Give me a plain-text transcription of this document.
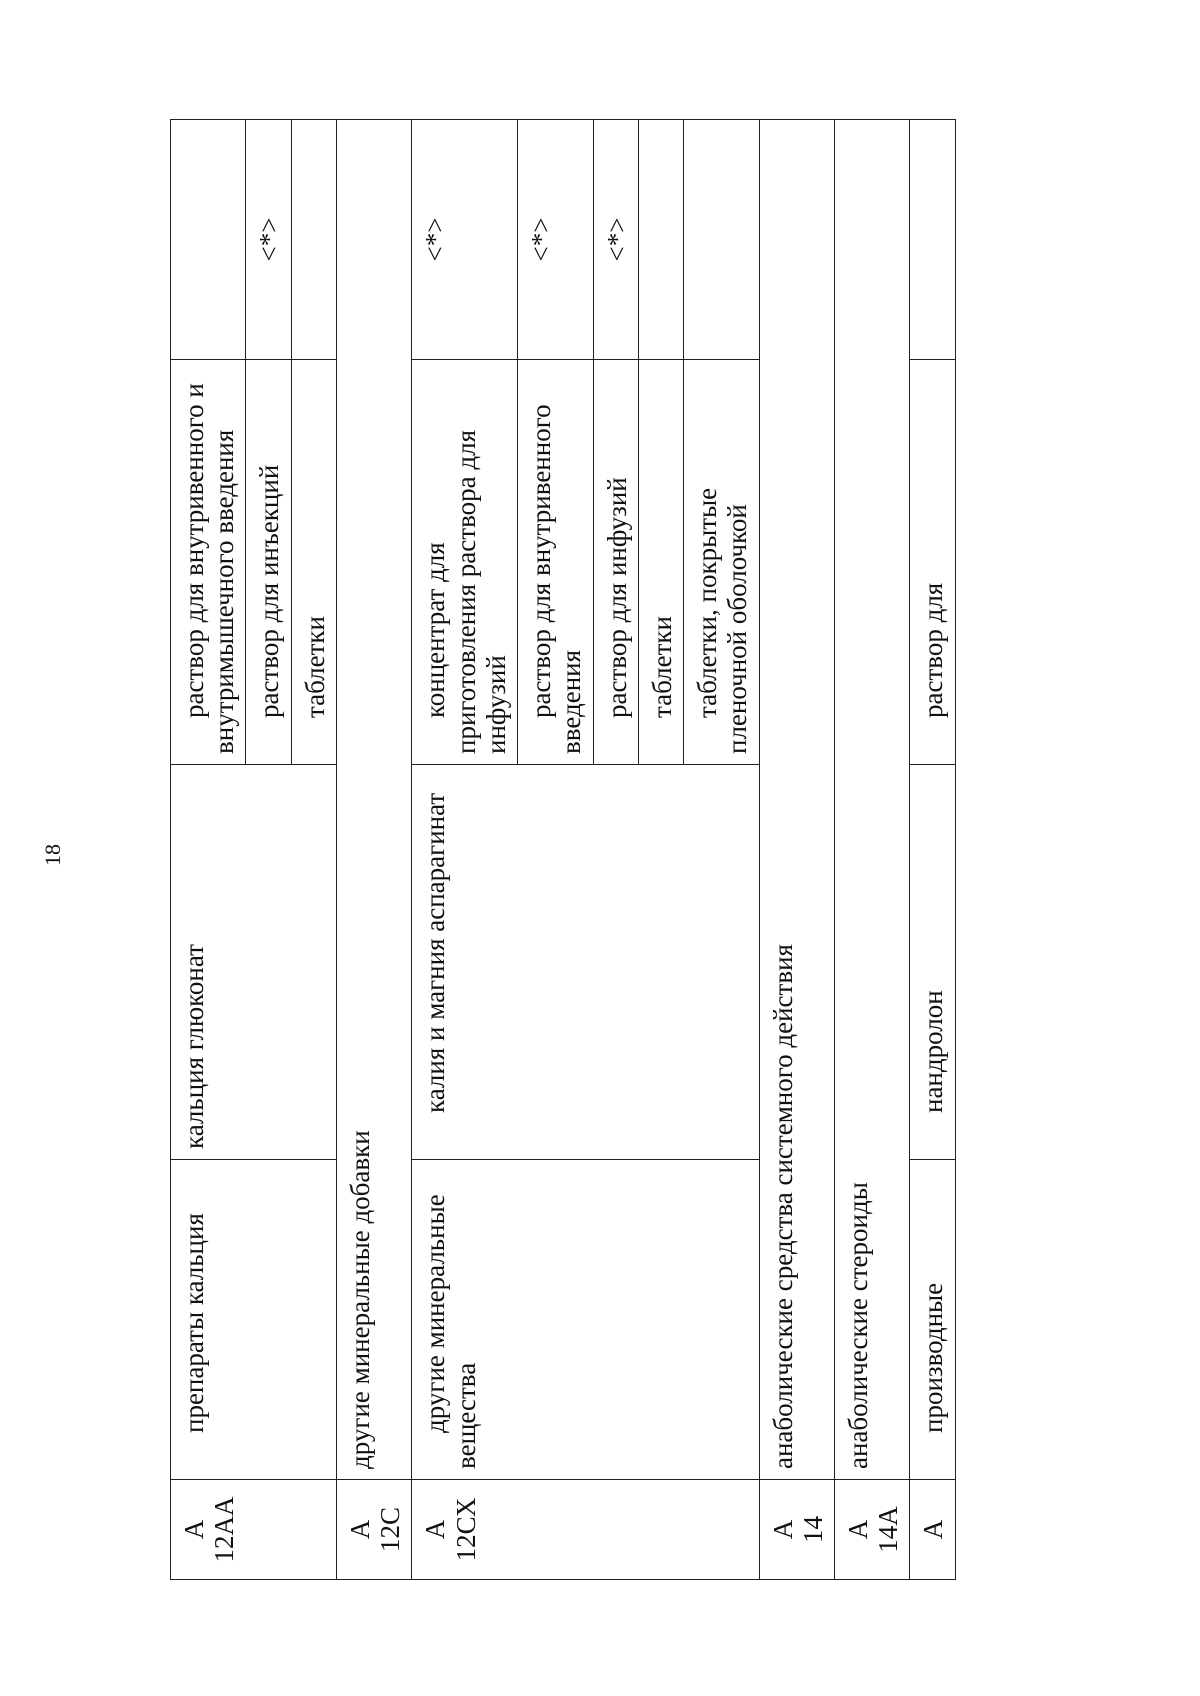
18
А 12АА	препараты кальция	кальция глюконат	раствор для внутривенного и внутримышечного введения	
			раствор для инъекций	<*>
			таблетки	

А 12С	другие минеральные добавки			

А 12СХ	другие минеральные вещества	калия и магния аспарагинат	концентрат для приготовления раствора для инфузий	<*>
			раствор для внутривенного введения	<*>
			раствор для инфузий	<*>
			таблетки	
			таблетки, покрытые пленочной оболочкой	

А 14	анаболические средства системного действия			

А 14А	анаболические стероиды			

А	производные	нандролон	раствор для	
